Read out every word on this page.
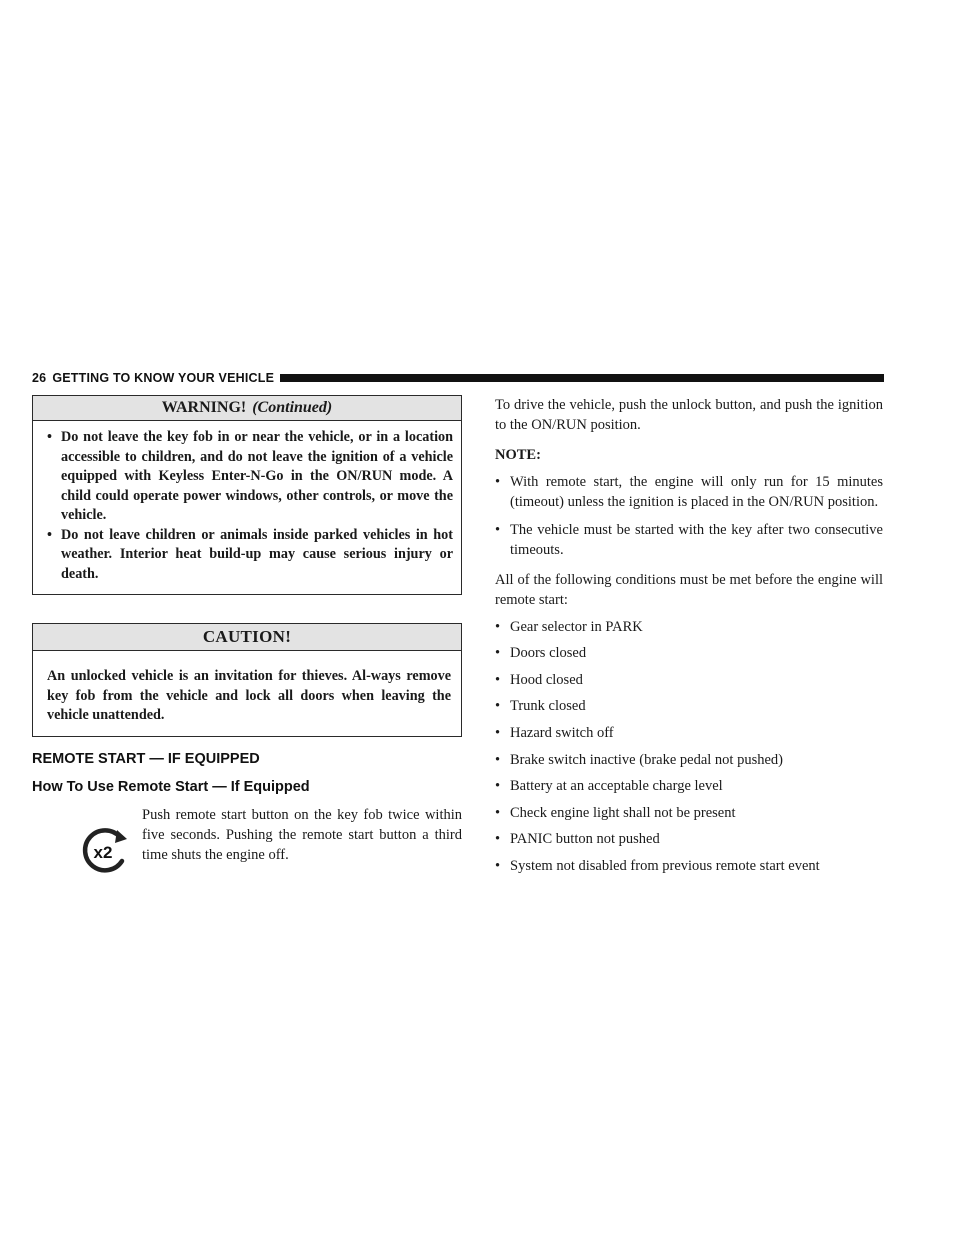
26 GETTING TO KNOW YOUR VEHICLE
WARNING! (Continued)
• Do not leave the key fob in or near the vehicle, or in a location accessible to children, and do not leave the ignition of a vehicle equipped with Keyless Enter-N-Go in the ON/RUN mode. A child could operate power windows, other controls, or move the vehicle.
• Do not leave children or animals inside parked vehicles in hot weather. Interior heat build-up may cause serious injury or death.
CAUTION!
An unlocked vehicle is an invitation for thieves. Al-ways remove key fob from the vehicle and lock all doors when leaving the vehicle unattended.
REMOTE START — IF EQUIPPED
How To Use Remote Start — If Equipped
x2
Push remote start button on the key fob twice within five seconds. Pushing the remote start button a third time shuts the engine off.

To drive the vehicle, push the unlock button, and push the ignition to the ON/RUN position.

NOTE:
• With remote start, the engine will only run for 15 minutes (timeout) unless the ignition is placed in the ON/RUN position.
• The vehicle must be started with the key after two consecutive timeouts.

All of the following conditions must be met before the engine will remote start:

• Gear selector in PARK
• Doors closed
• Hood closed
• Trunk closed
• Hazard switch off
• Brake switch inactive (brake pedal not pushed)
• Battery at an acceptable charge level
• Check engine light shall not be present
• PANIC button not pushed
• System not disabled from previous remote start event
